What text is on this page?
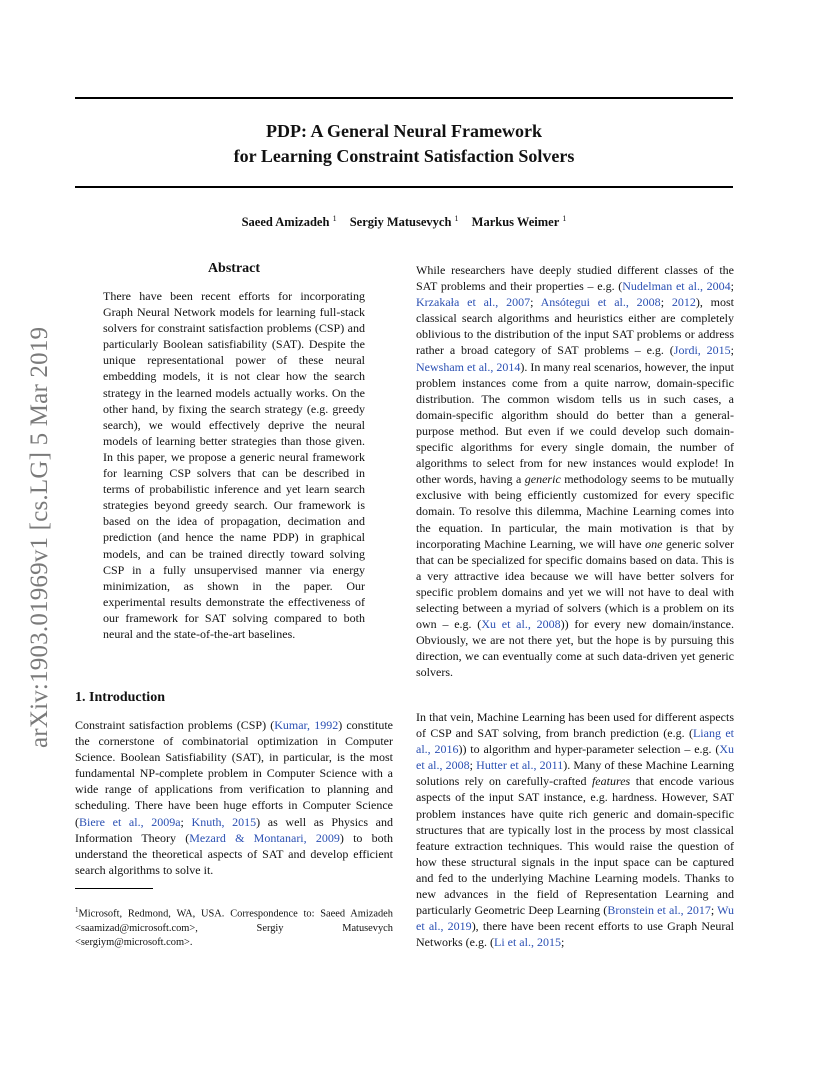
PDP: A General Neural Framework
for Learning Constraint Satisfaction Solvers
Saeed Amizadeh $^1$ Sergiy Matusevych $^1$ Markus Weimer $^1$
arXiv:1903.01969v1 [cs.LG] 5 Mar 2019
Abstract

There have been recent efforts for incorporating Graph Neural Network models for learning full-stack solvers for constraint satisfaction problems (CSP) and particularly Boolean satisfiability (SAT). Despite the unique representational power of these neural embedding models, it is not clear how the search strategy in the learned models actually works. On the other hand, by fixing the search strategy (e.g. greedy search), we would effectively deprive the neural models of learning better strategies than those given. In this paper, we propose a generic neural framework for learning CSP solvers that can be described in terms of probabilistic inference and yet learn search strategies beyond greedy search. Our framework is based on the idea of propagation, decimation and prediction (and hence the name PDP) in graphical models, and can be trained directly toward solving CSP in a fully unsupervised manner via energy minimization, as shown in the paper. Our experimental results demonstrate the effectiveness of our framework for SAT solving compared to both neural and the state-of-the-art baselines.

1. Introduction

Constraint satisfaction problems (CSP) (Kumar, 1992) constitute the cornerstone of combinatorial optimization in Computer Science. Boolean Satisfiability (SAT), in particular, is the most fundamental NP-complete problem in Computer Science with a wide range of applications from verification to planning and scheduling. There have been huge efforts in Computer Science (Biere et al., 2009a; Knuth, 2015) as well as Physics and Information Theory (Mezard & Montanari, 2009) to both understand the theoretical aspects of SAT and develop efficient search algorithms to solve it.

$^1$Microsoft, Redmond, WA, USA. Correspondence to: Saeed Amizadeh <saamizad@microsoft.com>, Sergiy Matusevych <sergiym@microsoft.com>.

While researchers have deeply studied different classes of the SAT problems and their properties – e.g. (Nudelman et al., 2004; Krzakała et al., 2007; Ansótegui et al., 2008; 2012), most classical search algorithms and heuristics either are completely oblivious to the distribution of the input SAT problems or address rather a broad category of SAT problems – e.g. (Jordi, 2015; Newsham et al., 2014). In many real scenarios, however, the input problem instances come from a quite narrow, domain-specific distribution. The common wisdom tells us in such cases, a domain-specific algorithm should do better than a general-purpose method. But even if we could develop such domain-specific algorithms for every single domain, the number of algorithms to select from for new instances would explode! In other words, having a generic methodology seems to be mutually exclusive with being efficiently customized for every specific domain. To resolve this dilemma, Machine Learning comes into the equation. In particular, the main motivation is that by incorporating Machine Learning, we will have one generic solver that can be specialized for specific domains based on data. This is a very attractive idea because we will have better solvers for specific problem domains and yet we will not have to deal with selecting between a myriad of solvers (which is a problem on its own – e.g. (Xu et al., 2008)) for every new domain/instance. Obviously, we are not there yet, but the hope is by pursuing this direction, we can eventually come at such data-driven yet generic solvers.

In that vein, Machine Learning has been used for different aspects of CSP and SAT solving, from branch prediction (e.g. (Liang et al., 2016)) to algorithm and hyper-parameter selection – e.g. (Xu et al., 2008; Hutter et al., 2011). Many of these Machine Learning solutions rely on carefully-crafted features that encode various aspects of the input SAT instance, e.g. hardness. However, SAT problem instances have quite rich generic and domain-specific structures that are typically lost in the process by most classical feature extraction techniques. This would raise the question of how these structural signals in the input space can be captured and fed to the underlying Machine Learning models. Thanks to new advances in the field of Representation Learning and particularly Geometric Deep Learning (Bronstein et al., 2017; Wu et al., 2019), there have been recent efforts to use Graph Neural Networks (e.g. (Li et al., 2015;
